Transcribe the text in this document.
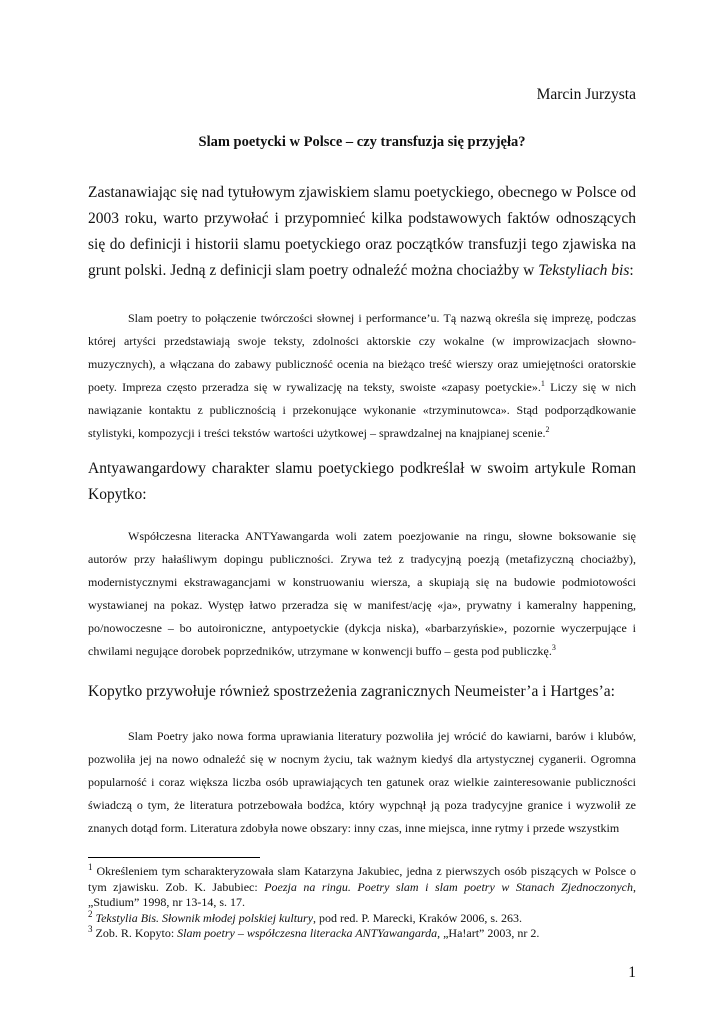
Marcin Jurzysta
Slam poetycki w Polsce – czy transfuzja się przyjęła?
Zastanawiając się nad tytułowym zjawiskiem slamu poetyckiego, obecnego w Polsce od 2003 roku, warto przywołać i przypomnieć kilka podstawowych faktów odnoszących się do definicji i historii slamu poetyckiego oraz początków transfuzji tego zjawiska na grunt polski. Jedną z definicji slam poetry odnaleźć można chociażby w Tekstyliach bis:
Slam poetry to połączenie twórczości słownej i performance’u. Tą nazwą określa się imprezę, podczas której artyści przedstawiają swoje teksty, zdolności aktorskie czy wokalne (w improwizacjach słowno-muzycznych), a włączana do zabawy publiczność ocenia na bieżąco treść wierszy oraz umiejętności oratorskie poety. Impreza często przeradza się w rywalizację na teksty, swoiste «zapasy poetyckie».$^1$ Liczy się w nich nawiązanie kontaktu z publicznością i przekonujące wykonanie «trzyminutowca». Stąd podporządkowanie stylistyki, kompozycji i treści tekstów wartości użytkowej – sprawdzalnej na knajpianej scenie.$^2$
Antyawangardowy charakter slamu poetyckiego podkreślał w swoim artykule Roman Kopytko:
Współczesna literacka ANTYawangarda woli zatem poezjowanie na ringu, słowne boksowanie się autorów przy hałaśliwym dopingu publiczności. Zrywa też z tradycyjną poezją (metafizyczną chociażby), modernistycznymi ekstrawagancjami w konstruowaniu wiersza, a skupiają się na budowie podmiotowości wystawianej na pokaz. Występ łatwo przeradza się w manifest/ację «ja», prywatny i kameralny happening, po/nowoczesne – bo autoironiczne, antypoetyckie (dykcja niska), «barbarzyńskie», pozornie wyczerpujące i chwilami negujące dorobek poprzedników, utrzymane w konwencji buffo – gesta pod publiczkę.$^3$
Kopytko przywołuje również spostrzeżenia zagranicznych Neumeister’a i Hartges’a:
Slam Poetry jako nowa forma uprawiania literatury pozwoliła jej wrócić do kawiarni, barów i klubów, pozwoliła jej na nowo odnaleźć się w nocnym życiu, tak ważnym kiedyś dla artystycznej cyganerii. Ogromna popularność i coraz większa liczba osób uprawiających ten gatunek oraz wielkie zainteresowanie publiczności świadczą o tym, że literatura potrzebowała bodźca, który wypchnął ją poza tradycyjne granice i wyzwolił ze znanych dotąd form. Literatura zdobyła nowe obszary: inny czas, inne miejsca, inne rytmy i przede wszystkim

$^1$ Określeniem tym scharakteryzowała slam Katarzyna Jakubiec, jedna z pierwszych osób piszących w Polsce o tym zjawisku. Zob. K. Jabubiec: Poezja na ringu. Poetry slam i slam poetry w Stanach Zjednoczonych, „Studium” 1998, nr 13-14, s. 17.

$^2$ Tekstylia Bis. Słownik młodej polskiej kultury, pod red. P. Marecki, Kraków 2006, s. 263.

$^3$ Zob. R. Kopyto: Slam poetry – współczesna literacka ANTYawangarda, „Ha!art” 2003, nr 2.

1
